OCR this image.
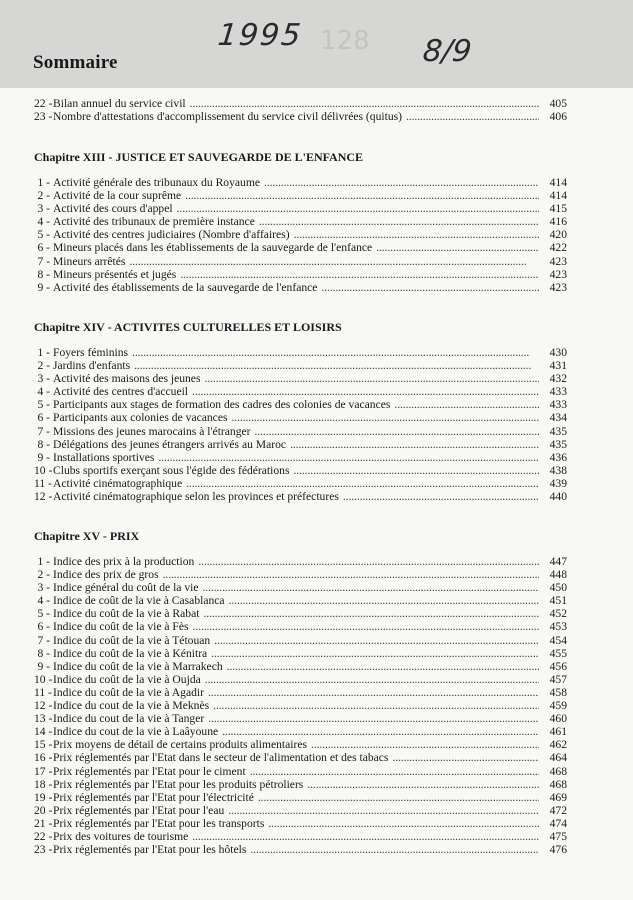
128
Sommaire
1995	8/9
22 - Bilan annuel du service civil . . .	405
23 - Nombre d'attestations d'accomplissement du service civil délivrées (quitus) . . .	406
Chapitre XIII - JUSTICE ET SAUVEGARDE DE L'ENFANCE
1 - Activité générale des tribunaux du Royaume . . .	414
2 - Activité de la cour suprême . . .	414
3 - Activité des cours d'appel . . .	415
4 - Activité des tribunaux de première instance . . .	416
5 - Activité des centres judiciaires (Nombre d'affaires) . . .	420
6 - Mineurs placés dans les établissements de la sauvegarde de l'enfance . . .	422
7 - Mineurs arrêtés . . .	423
8 - Mineurs présentés et jugés . . .	423
9 - Activité des établissements de la sauvegarde de l'enfance . . .	423
Chapitre XIV - ACTIVITES CULTURELLES ET LOISIRS
1 - Foyers féminins . . .	430
2 - Jardins d'enfants . . .	431
3 - Activité des maisons des jeunes . . .	432
4 - Activité des centres d'accueil . . .	433
5 - Participants aux stages de formation des cadres des colonies de vacances . . .	433
6 - Participants aux colonies de vacances . . .	434
7 - Missions des jeunes marocains à l'étranger . . .	435
8 - Délégations des jeunes étrangers arrivés au Maroc . . .	435
9 - Installations sportives . . .	436
10 - Clubs sportifs exerçant sous l'égide des fédérations . . .	438
11 - Activité cinématographique . . .	439
12 - Activité cinématographique selon les provinces et préfectures . . .	440
Chapitre XV - PRIX
1 - Indice des prix à la production . . .	447
2 - Indice des prix de gros . . .	448
3 - Indice général du coût de la vie . . .	450
4 - Indice de coût de la vie à Casablanca . . .	451
5 - Indice du coût de la vie à Rabat . . .	452
6 - Indice du coût de la vie à Fès . . .	453
7 - Indice du coût de la vie à Tétouan . . .	454
8 - Indice du coût de la vie à Kénitra . . .	455
9 - Indice du coût de la vie à Marrakech . . .	456
10 - Indice du coût de la vie à Oujda . . .	457
11 - Indice du coût de la vie à Agadir . . .	458
12 - Indice du cout de la vie à Meknès . . .	459
13 - Indice du cout de la vie à Tanger . . .	460
14 - Indice du cout de la vie à Laâyoune . . .	461
15 - Prix moyens de détail de certains produits alimentaires . . .	462
16 - Prix réglementés par l'Etat dans le secteur de l'alimentation et des tabacs . . .	464
17 - Prix réglementés par l'Etat pour le ciment . . .	468
18 - Prix réglementés par l'Etat pour les produits pétroliers . . .	468
19 - Prix réglementés par l'Etat pour l'électricité . . .	469
20 - Prix réglementés par l'Etat pour l'eau . . .	472
21 - Prix réglementés par l'Etat pour les transports . . .	474
22 - Prix des voitures de tourisme . . .	475
23 - Prix réglementés par l'Etat pour les hôtels . . .	476
